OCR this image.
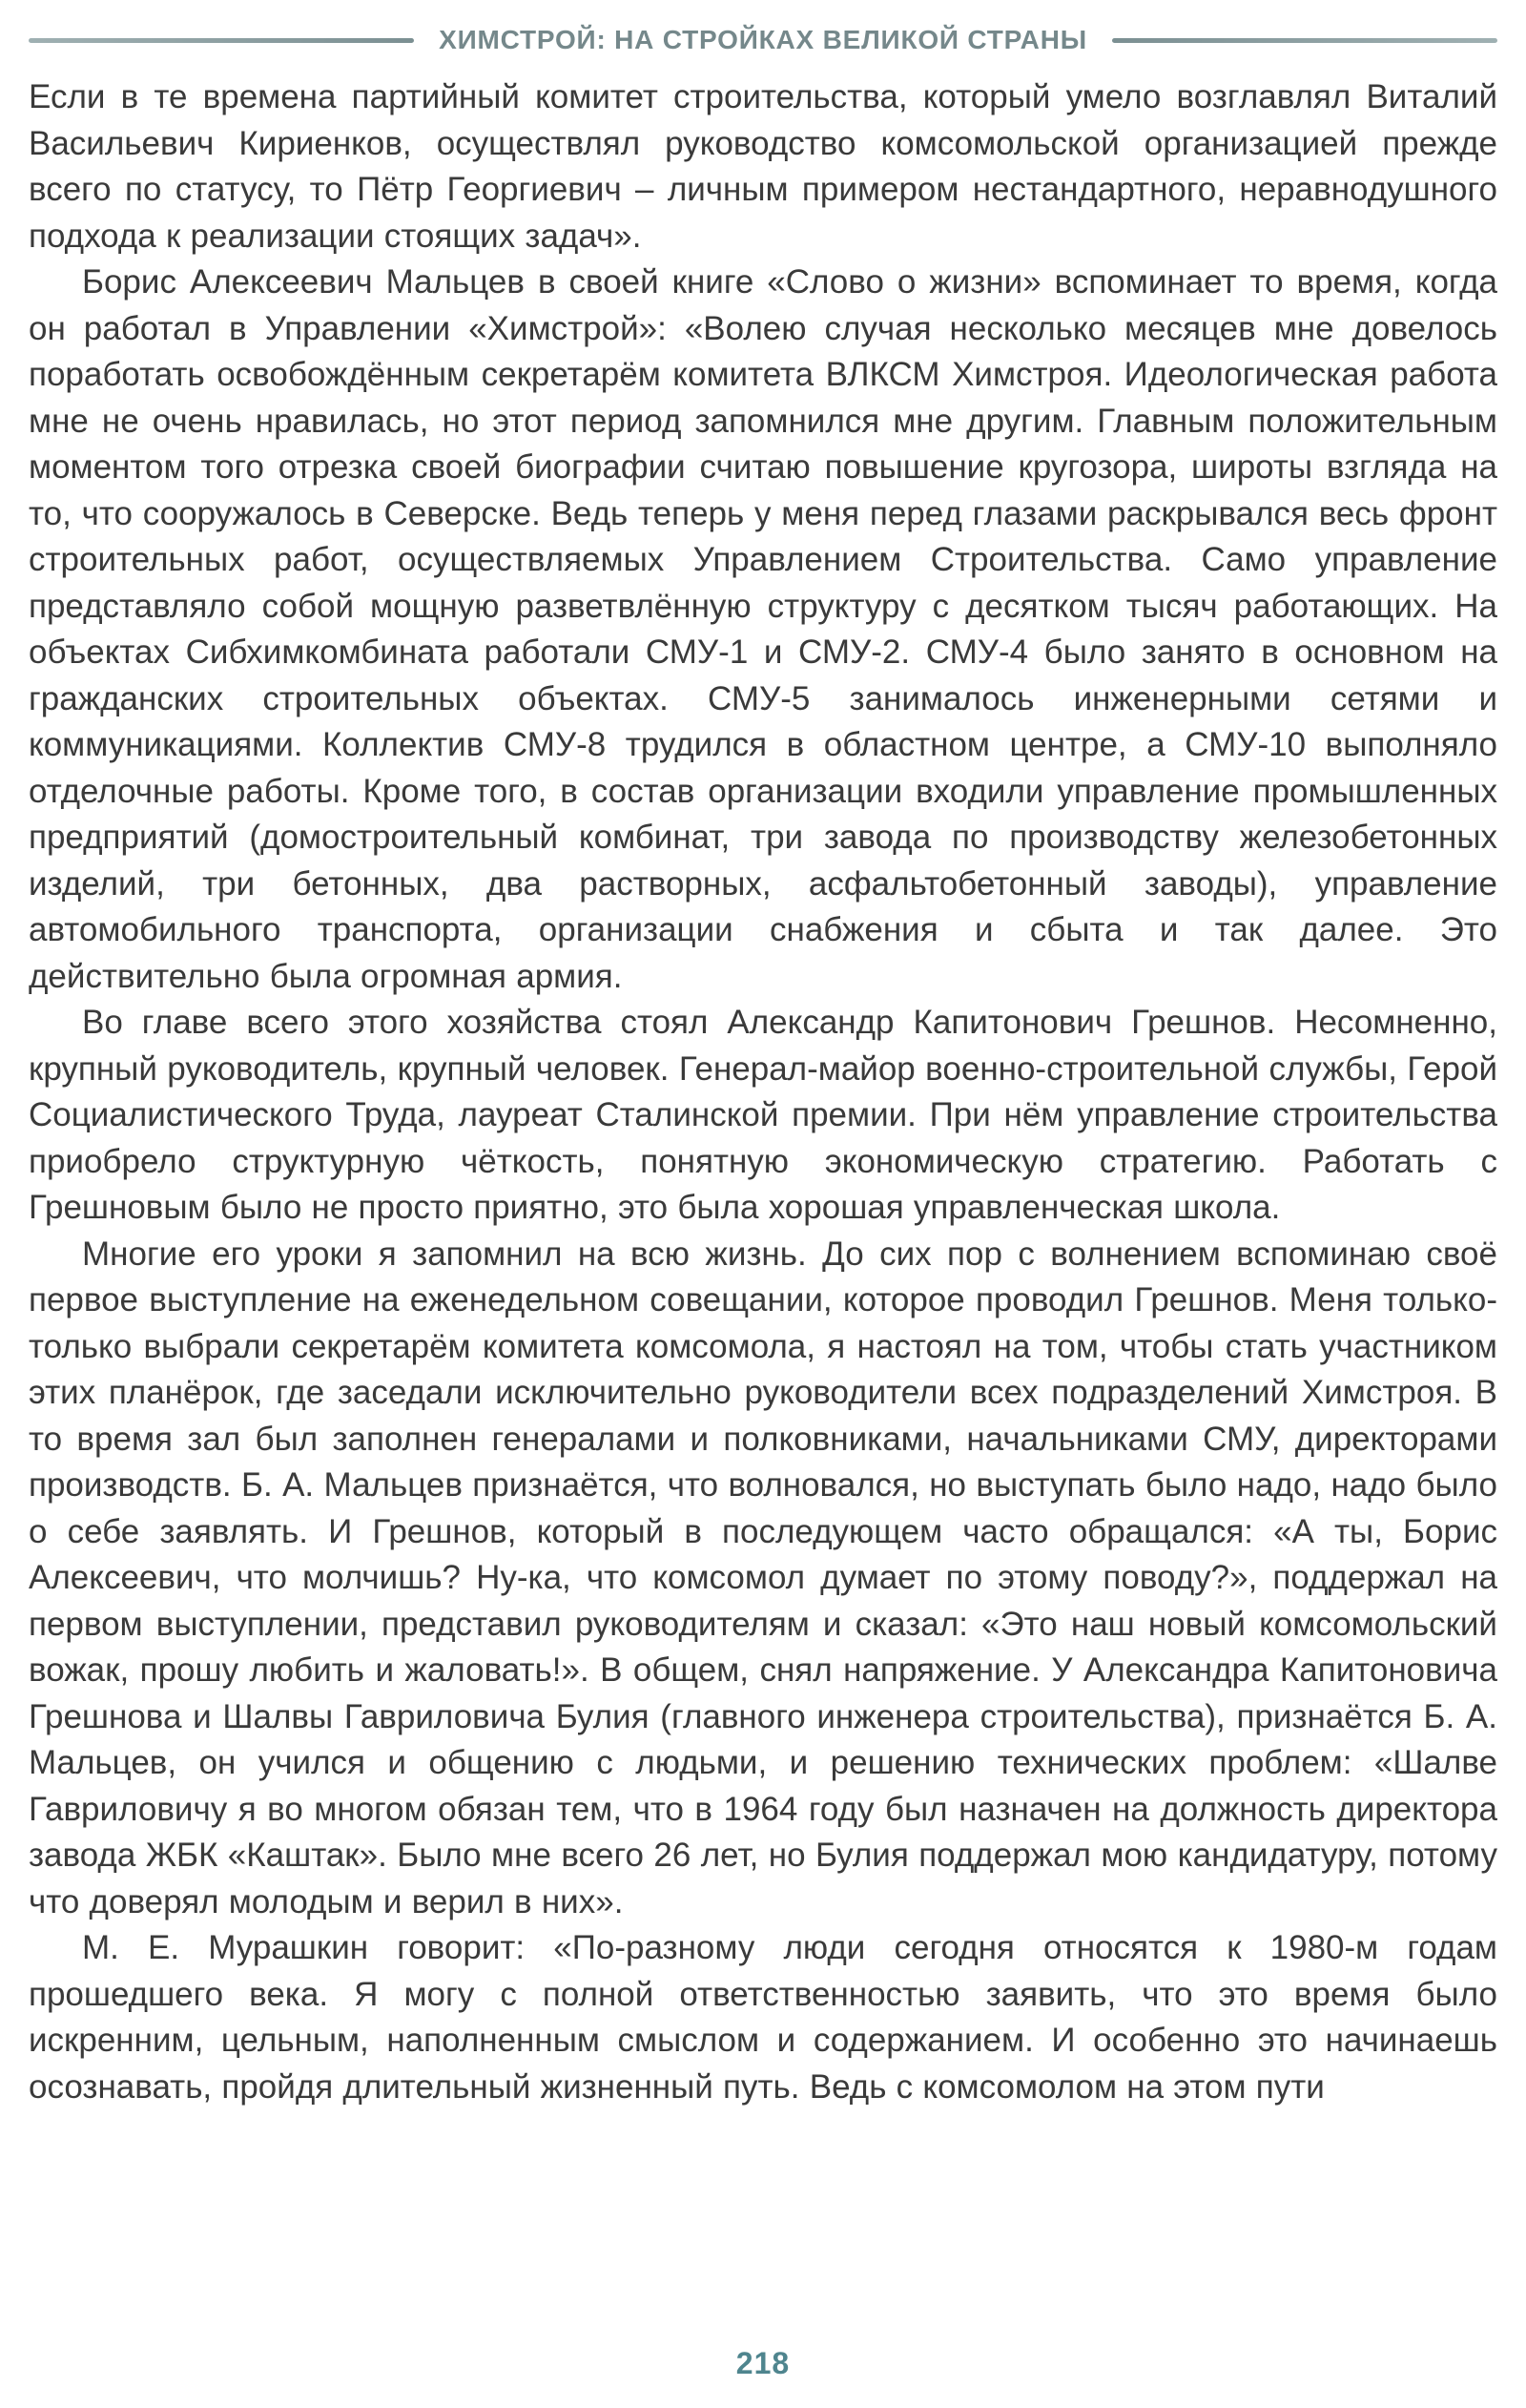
ХИМСТРОЙ: НА СТРОЙКАХ ВЕЛИКОЙ СТРАНЫ

Если в те времена партийный комитет строительства, который умело возглавлял Виталий Васильевич Кириенков, осуществлял руководство комсомольской организацией прежде всего по статусу, то Пётр Георгиевич – личным примером нестандартного, неравнодушного подхода к реализации стоящих задач».

Борис Алексеевич Мальцев в своей книге «Слово о жизни» вспоминает то время, когда он работал в Управлении «Химстрой»: «Волею случая несколько месяцев мне довелось поработать освобождённым секретарём комитета ВЛКСМ Химстроя. Идеологическая работа мне не очень нравилась, но этот период запомнился мне другим. Главным положительным моментом того отрезка своей биографии считаю повышение кругозора, широты взгляда на то, что сооружалось в Северске. Ведь теперь у меня перед глазами раскрывался весь фронт строительных работ, осуществляемых Управлением Строительства. Само управление представляло собой мощную разветвлённую структуру с десятком тысяч работающих. На объектах Сибхимкомбината работали СМУ-1 и СМУ-2. СМУ-4 было занято в основном на гражданских строительных объектах. СМУ-5 занималось инженерными сетями и коммуникациями. Коллектив СМУ-8 трудился в областном центре, а СМУ-10 выполняло отделочные работы. Кроме того, в состав организации входили управление промышленных предприятий (домостроительный комбинат, три завода по производству железобетонных изделий, три бетонных, два растворных, асфальтобетонный заводы), управление автомобильного транспорта, организации снабжения и сбыта и так далее. Это действительно была огромная армия.

Во главе всего этого хозяйства стоял Александр Капитонович Грешнов. Несомненно, крупный руководитель, крупный человек. Генерал-майор военно-строительной службы, Герой Социалистического Труда, лауреат Сталинской премии. При нём управление строительства приобрело структурную чёткость, понятную экономическую стратегию. Работать с Грешновым было не просто приятно, это была хорошая управленческая школа.

Многие его уроки я запомнил на всю жизнь. До сих пор с волнением вспоминаю своё первое выступление на еженедельном совещании, которое проводил Грешнов. Меня только-только выбрали секретарём комитета комсомола, я настоял на том, чтобы стать участником этих планёрок, где заседали исключительно руководители всех подразделений Химстроя. В то время зал был заполнен генералами и полковниками, начальниками СМУ, директорами производств. Б. А. Мальцев признаётся, что волновался, но выступать было надо, надо было о себе заявлять. И Грешнов, который в последующем часто обращался: «А ты, Борис Алексеевич, что молчишь? Ну-ка, что комсомол думает по этому поводу?», поддержал на первом выступлении, представил руководителям и сказал: «Это наш новый комсомольский вожак, прошу любить и жаловать!». В общем, снял напряжение. У Александра Капитоновича Грешнова и Шалвы Гавриловича Булия (главного инженера строительства), признаётся Б. А. Мальцев, он учился и общению с людьми, и решению технических проблем: «Шалве Гавриловичу я во многом обязан тем, что в 1964 году был назначен на должность директора завода ЖБК «Каштак». Было мне всего 26 лет, но Булия поддержал мою кандидатуру, потому что доверял молодым и верил в них».

М. Е. Мурашкин говорит: «По-разному люди сегодня относятся к 1980-м годам прошедшего века. Я могу с полной ответственностью заявить, что это время было искренним, цельным, наполненным смыслом и содержанием. И особенно это начинаешь осознавать, пройдя длительный жизненный путь. Ведь с комсомолом на этом пути

218
